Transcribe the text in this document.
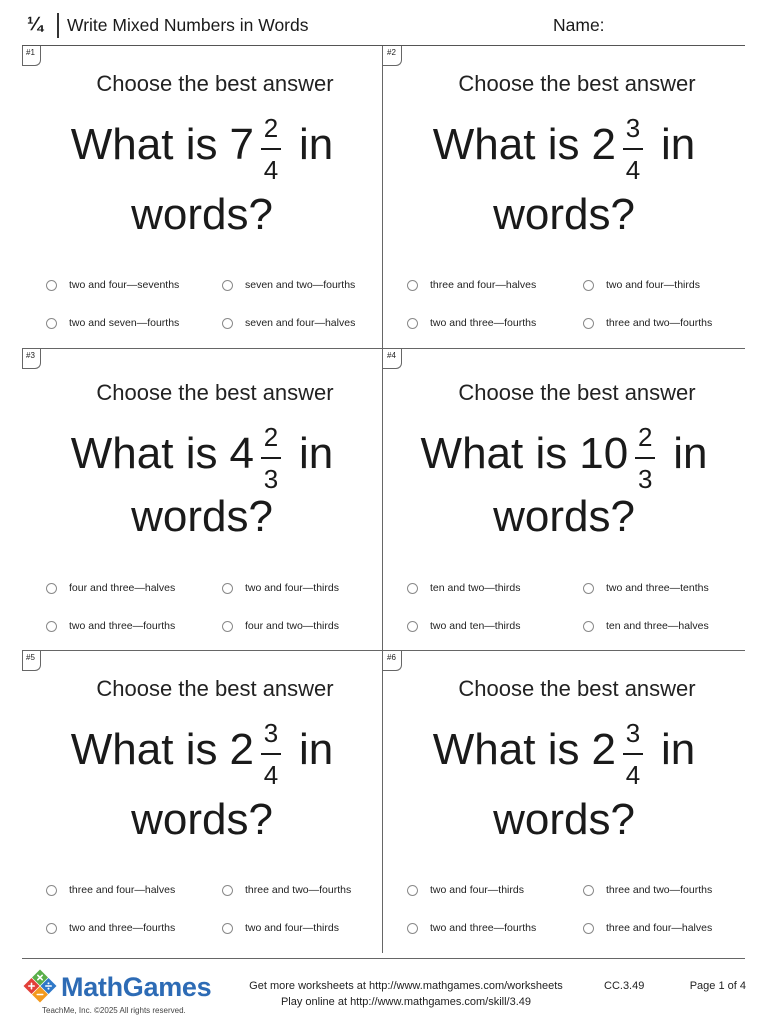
¼ Write Mixed Numbers in Words	Name:
#1
Choose the best answer
What is $7 \frac{2}{4}$ in
words?
two and four—sevenths	seven and two—fourths
two and seven—fourths	seven and four—halves
#2
Choose the best answer
What is $2 \frac{3}{4}$ in
words?
three and four—halves	two and four—thirds
two and three—fourths	three and two—fourths
#3
Choose the best answer
What is $4 \frac{2}{3}$ in
words?
four and three—halves	two and four—thirds
two and three—fourths	four and two—thirds
#4
Choose the best answer
What is $10 \frac{2}{3}$ in
words?
ten and two—thirds	two and three—tenths
two and ten—thirds	ten and three—halves
#5
Choose the best answer
What is $2 \frac{3}{4}$ in
words?
three and four—halves	three and two—fourths
two and three—fourths	two and four—thirds
#6
Choose the best answer
What is $2 \frac{3}{4}$ in
words?
two and four—thirds	three and two—fourths
two and three—fourths	three and four—halves
MathGames
TeachMe, Inc. ©2025 All rights reserved.
Get more worksheets at http://www.mathgames.com/worksheets
Play online at http://www.mathgames.com/skill/3.49
CC.3.49	Page 1 of 4
